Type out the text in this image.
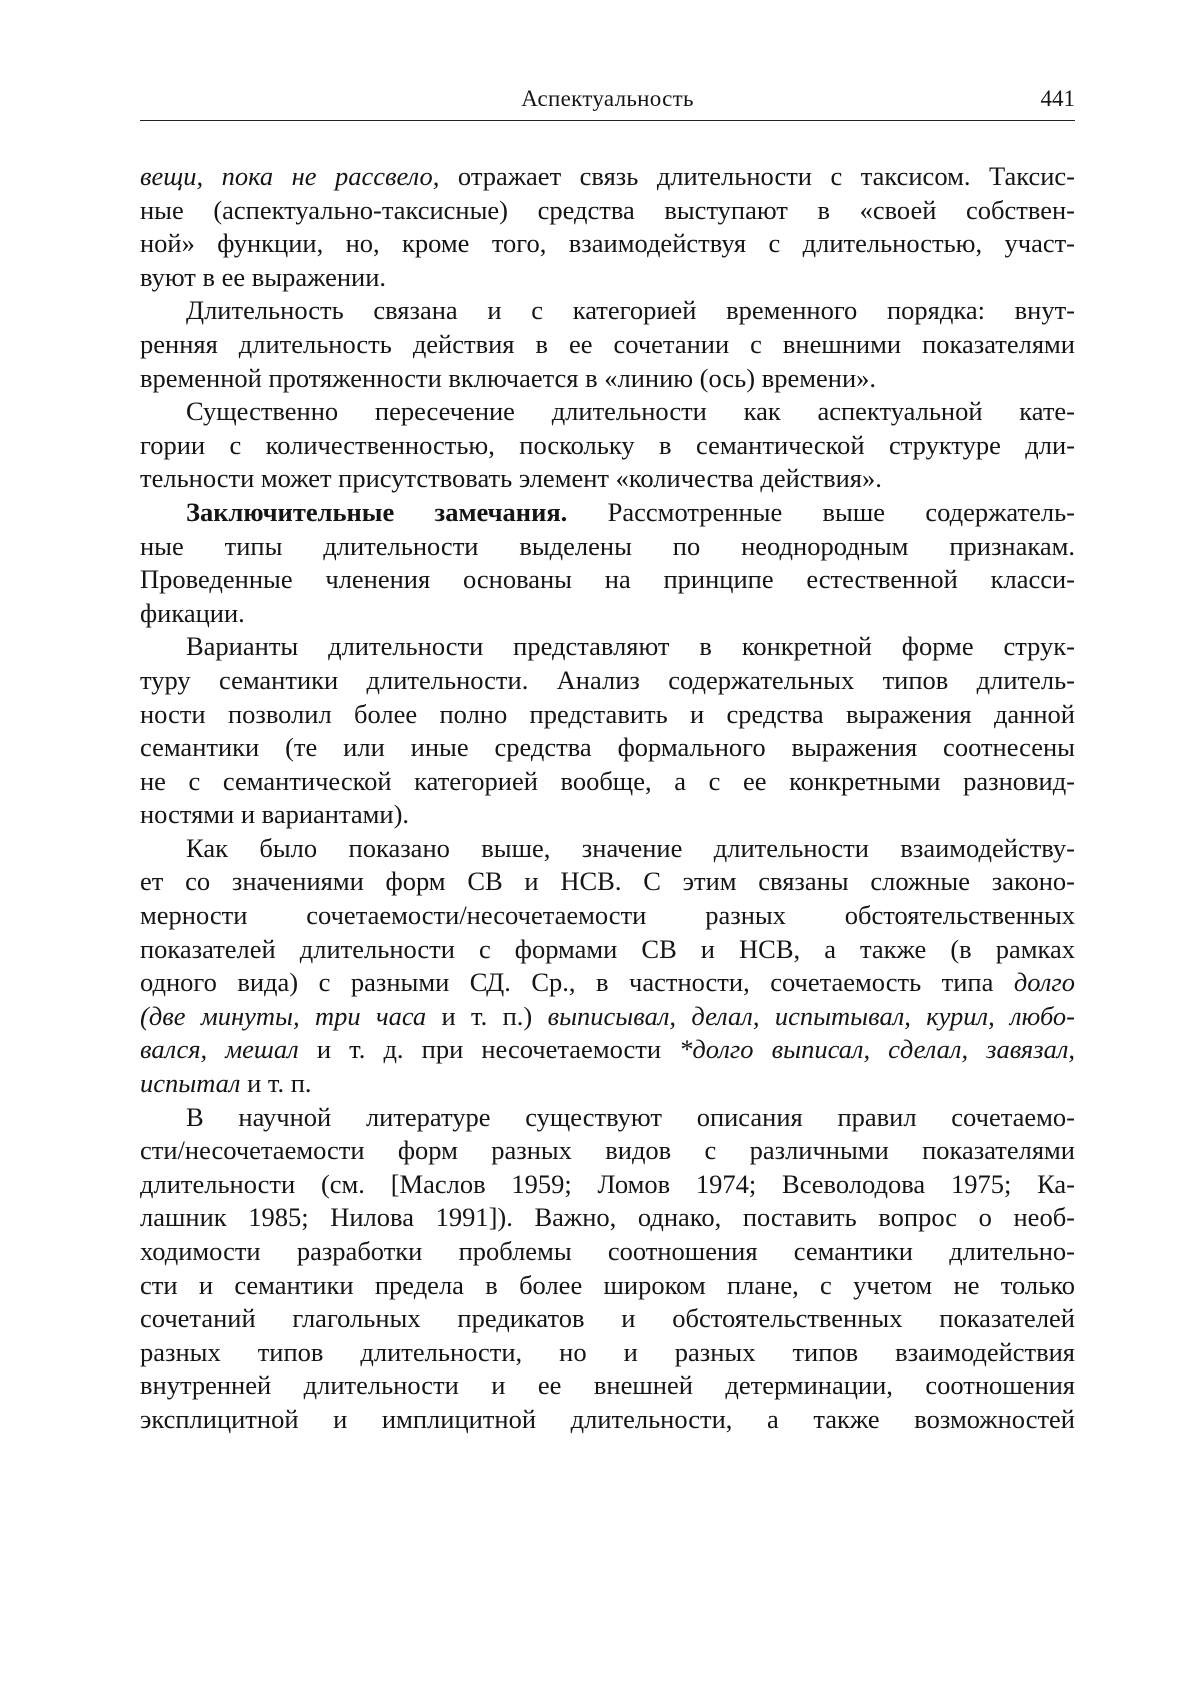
Аспектуальность	441
вещи, пока не рассвело, отражает связь длительности с таксисом. Таксис-
ные (аспектуально-таксисные) средства выступают в «своей собствен-
ной» функции, но, кроме того, взаимодействуя с длительностью, участ-
вуют в ее выражении.
Длительность связана и с категорией временного порядка: внут-
ренняя длительность действия в ее сочетании с внешними показателями
временной протяженности включается в «линию (ось) времени».
Существенно пересечение длительности как аспектуальной кате-
гории с количественностью, поскольку в семантической структуре дли-
тельности может присутствовать элемент «количества действия».
Заключительные замечания. Рассмотренные выше содержатель-
ные типы длительности выделены по неоднородным признакам.
Проведенные членения основаны на принципе естественной класси-
фикации.
Варианты длительности представляют в конкретной форме струк-
туру семантики длительности. Анализ содержательных типов длитель-
ности позволил более полно представить и средства выражения данной
семантики (те или иные средства формального выражения соотнесены
не с семантической категорией вообще, а с ее конкретными разновид-
ностями и вариантами).
Как было показано выше, значение длительности взаимодейству-
ет со значениями форм СВ и НСВ. С этим связаны сложные законо-
мерности сочетаемости/несочетаемости разных обстоятельственных
показателей длительности с формами СВ и НСВ, а также (в рамках
одного вида) с разными СД. Ср., в частности, сочетаемость типа долго
(две минуты, три часа и т. п.) выписывал, делал, испытывал, курил, любо-
вался, мешал и т. д. при несочетаемости *долго выписал, сделал, завязал,
испытал и т. п.
В научной литературе существуют описания правил сочетаемо-
сти/несочетаемости форм разных видов с различными показателями
длительности (см. [Маслов 1959; Ломов 1974; Всеволодова 1975; Ка-
лашник 1985; Нилова 1991]). Важно, однако, поставить вопрос о необ-
ходимости разработки проблемы соотношения семантики длительно-
сти и семантики предела в более широком плане, с учетом не только
сочетаний глагольных предикатов и обстоятельственных показателей
разных типов длительности, но и разных типов взаимодействия
внутренней длительности и ее внешней детерминации, соотношения
эксплицитной и имплицитной длительности, а также возможностей
